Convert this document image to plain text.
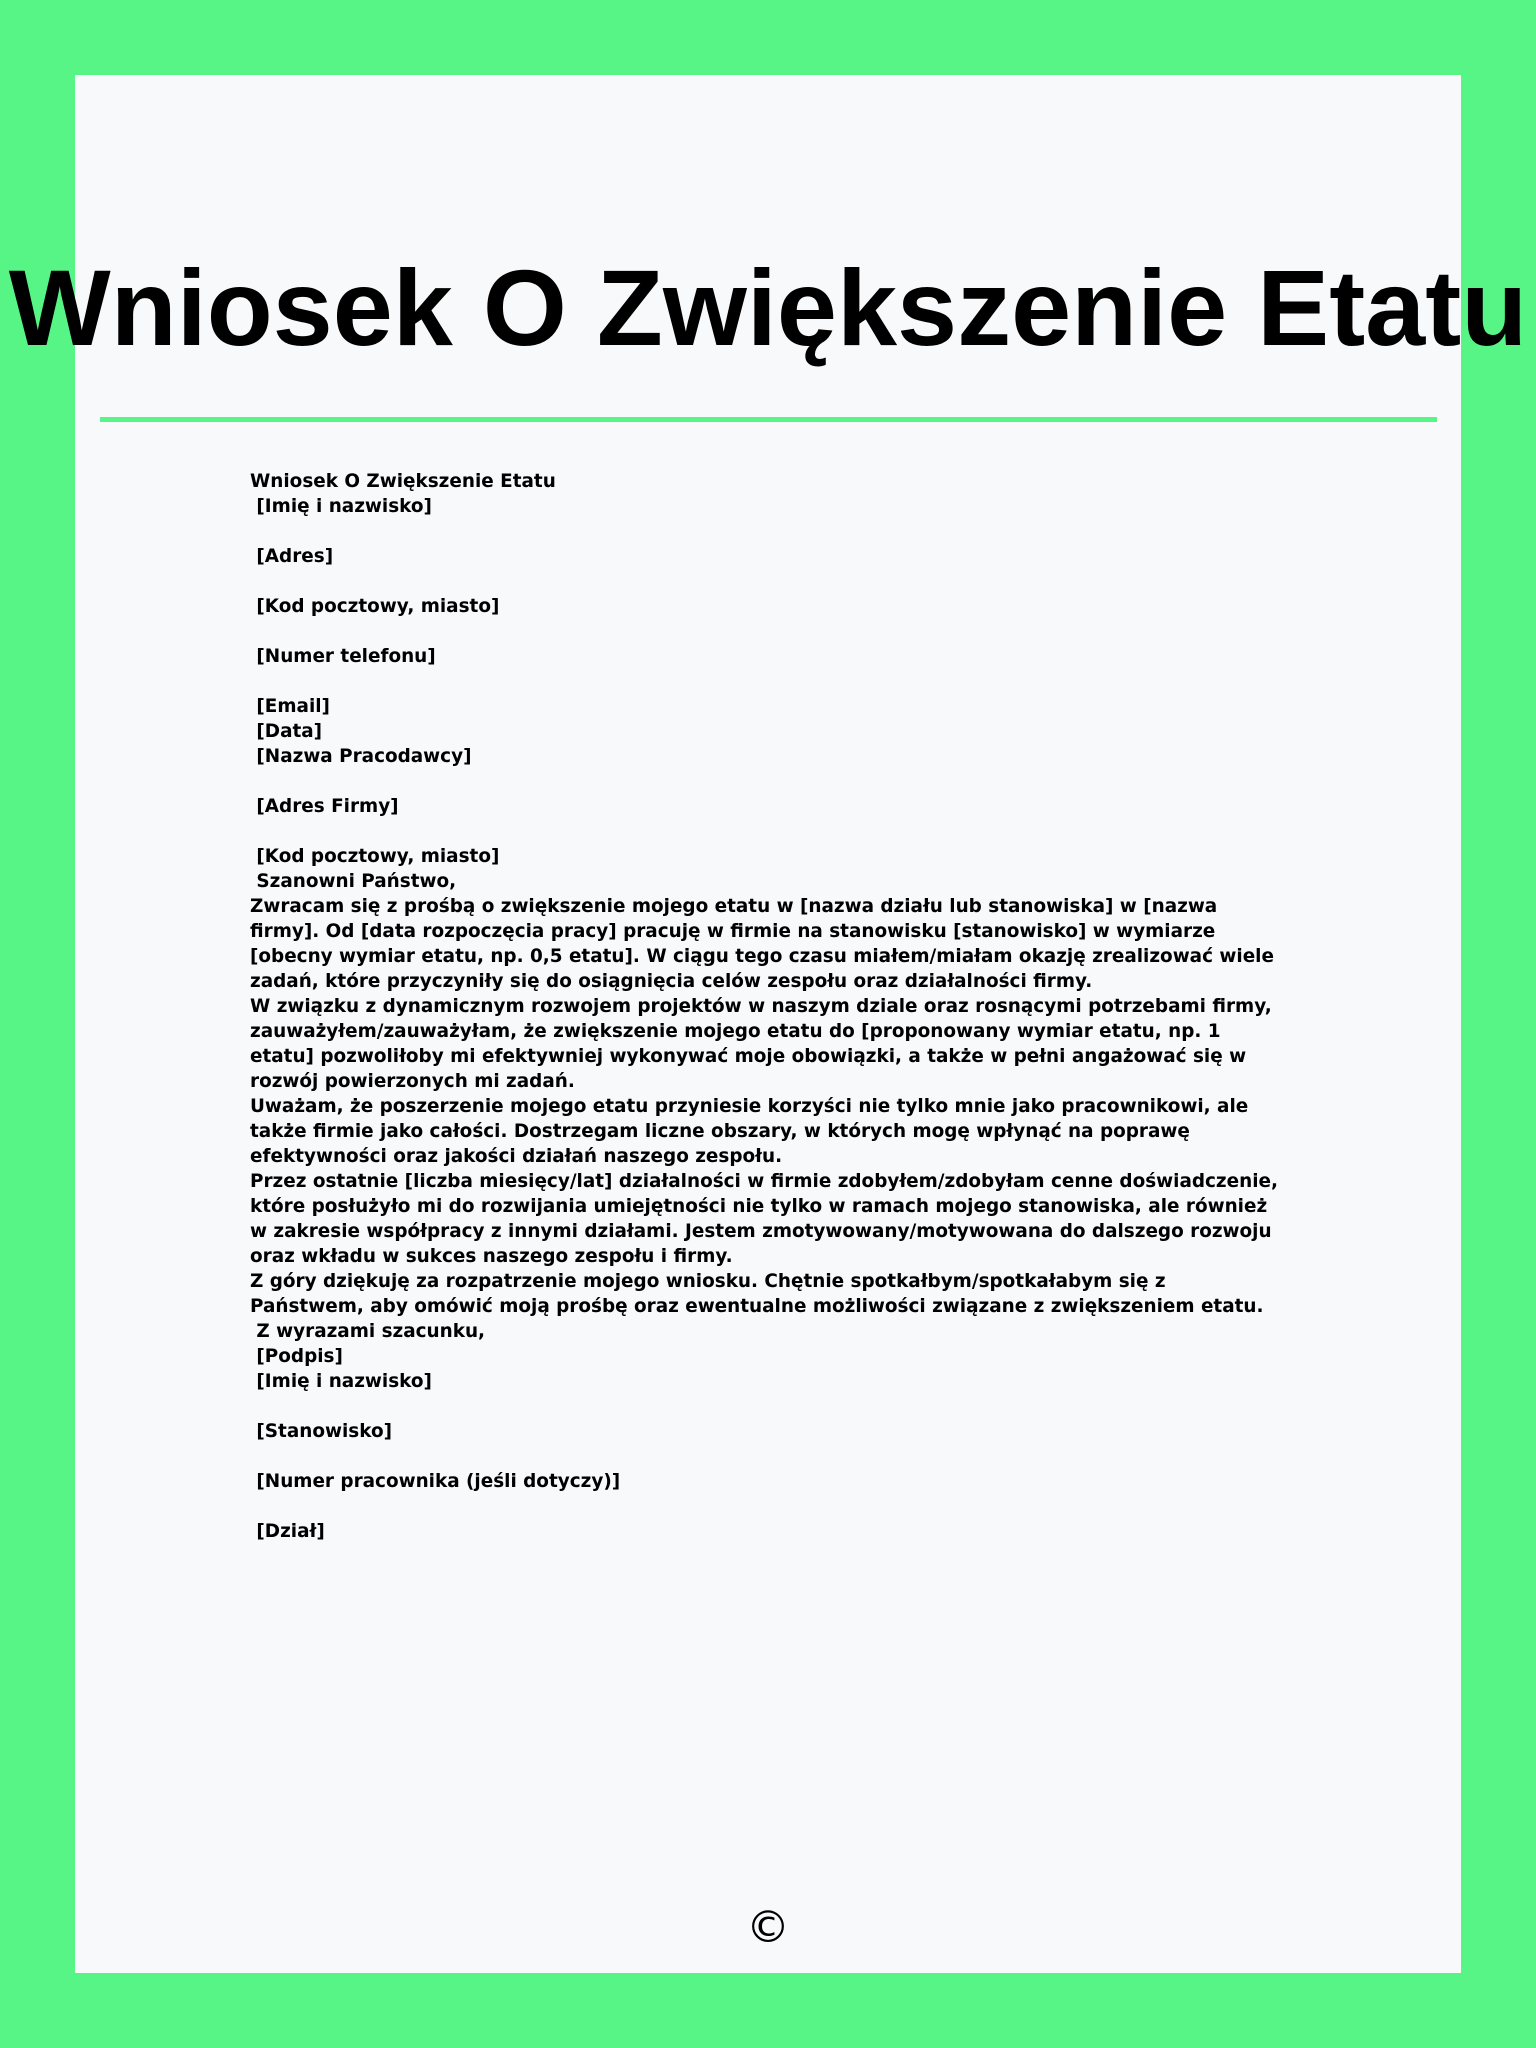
Wniosek O Zwiększenie Etatu
Wniosek O Zwiększenie Etatu
[Imię i nazwisko]
[Adres]
[Kod pocztowy, miasto]
[Numer telefonu]
[Email]
[Data]
[Nazwa Pracodawcy]
[Adres Firmy]
[Kod pocztowy, miasto]
Szanowni Państwo,
Zwracam się z prośbą o zwiększenie mojego etatu w [nazwa działu lub stanowiska] w [nazwa firmy]. Od [data rozpoczęcia pracy] pracuję w firmie na stanowisku [stanowisko] w wymiarze [obecny wymiar etatu, np. 0,5 etatu]. W ciągu tego czasu miałem/miałam okazję zrealizować wiele zadań, które przyczyniły się do osiągnięcia celów zespołu oraz działalności firmy.
W związku z dynamicznym rozwojem projektów w naszym dziale oraz rosnącymi potrzebami firmy, zauważyłem/zauważyłam, że zwiększenie mojego etatu do [proponowany wymiar etatu, np. 1 etatu] pozwoliłoby mi efektywniej wykonywać moje obowiązki, a także w pełni angażować się w rozwój powierzonych mi zadań.
Uważam, że poszerzenie mojego etatu przyniesie korzyści nie tylko mnie jako pracownikowi, ale także firmie jako całości. Dostrzegam liczne obszary, w których mogę wpłynąć na poprawę efektywności oraz jakości działań naszego zespołu.
Przez ostatnie [liczba miesięcy/lat] działalności w firmie zdobyłem/zdobyłam cenne doświadczenie, które posłużyło mi do rozwijania umiejętności nie tylko w ramach mojego stanowiska, ale również w zakresie współpracy z innymi działami. Jestem zmotywowany/motywowana do dalszego rozwoju oraz wkładu w sukces naszego zespołu i firmy.
Z góry dziękuję za rozpatrzenie mojego wniosku. Chętnie spotkałbym/spotkałabym się z Państwem, aby omówić moją prośbę oraz ewentualne możliwości związane z zwiększeniem etatu.
Z wyrazami szacunku,
[Podpis]
[Imię i nazwisko]
[Stanowisko]
[Numer pracownika (jeśli dotyczy)]
[Dział]
©
